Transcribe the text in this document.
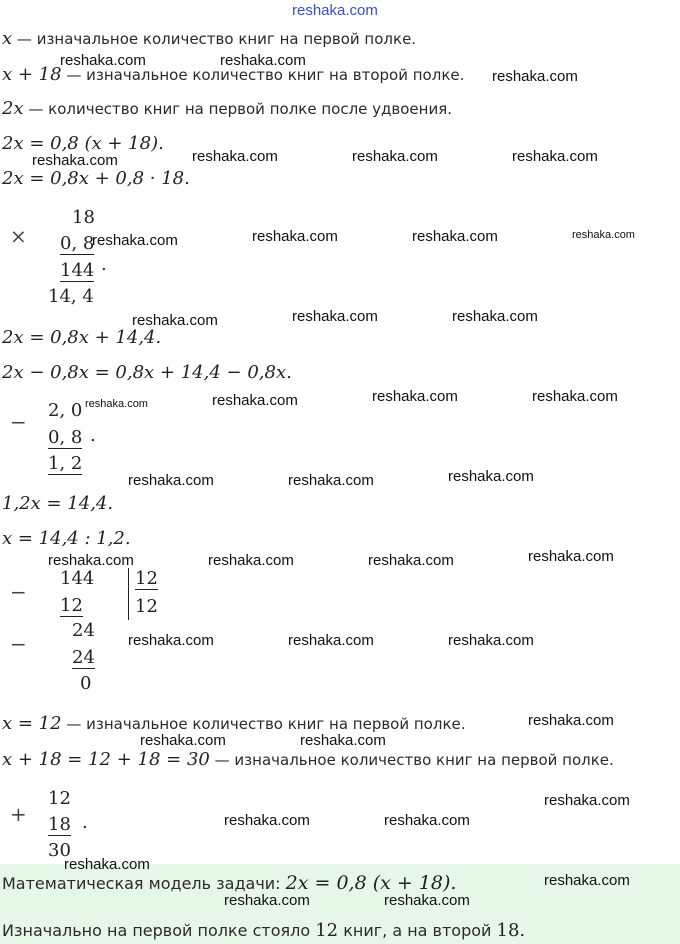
reshaka.com
x — изначальное количество книг на первой полке.
x + 18 — изначальное количество книг на второй полке.
2x — количество книг на первой полке после удвоения.
2x = 0,8 (x + 18).
2x = 0,8x + 0,8 · 18.
×
18
0, 8
144 .
14, 4
2x = 0,8x + 14,4.
2x − 0,8x = 0,8x + 14,4 − 0,8x.
− 2, 0
0, 8 .
1, 2
1,2x = 14,4.
x = 14,4 : 1,2.
−
144 12
12
12
−
24
24
0
x = 12 — изначальное количество книг на первой полке.
x + 18 = 12 + 18 = 30 — изначальное количество книг на первой полке.
+
12
18 .
30
Математическая модель задачи: 2x = 0,8 (x + 18).
Изначально на первой полке стояло 12 книг, а на второй 18.
reshaka.com	reshaka.com
reshaka.com
reshaka.com	reshaka.com	reshaka.com	reshaka.com
reshaka.com	reshaka.com	reshaka.com	reshaka.com
reshaka.com	reshaka.com	reshaka.com
reshaka.com	reshaka.com	reshaka.com	reshaka.com
reshaka.com	reshaka.com	reshaka.com
reshaka.com	reshaka.com	reshaka.com	reshaka.com
reshaka.com	reshaka.com	reshaka.com
reshaka.com
reshaka.com	reshaka.com
reshaka.com
reshaka.com	reshaka.com
reshaka.com
reshaka.com
reshaka.com	reshaka.com
